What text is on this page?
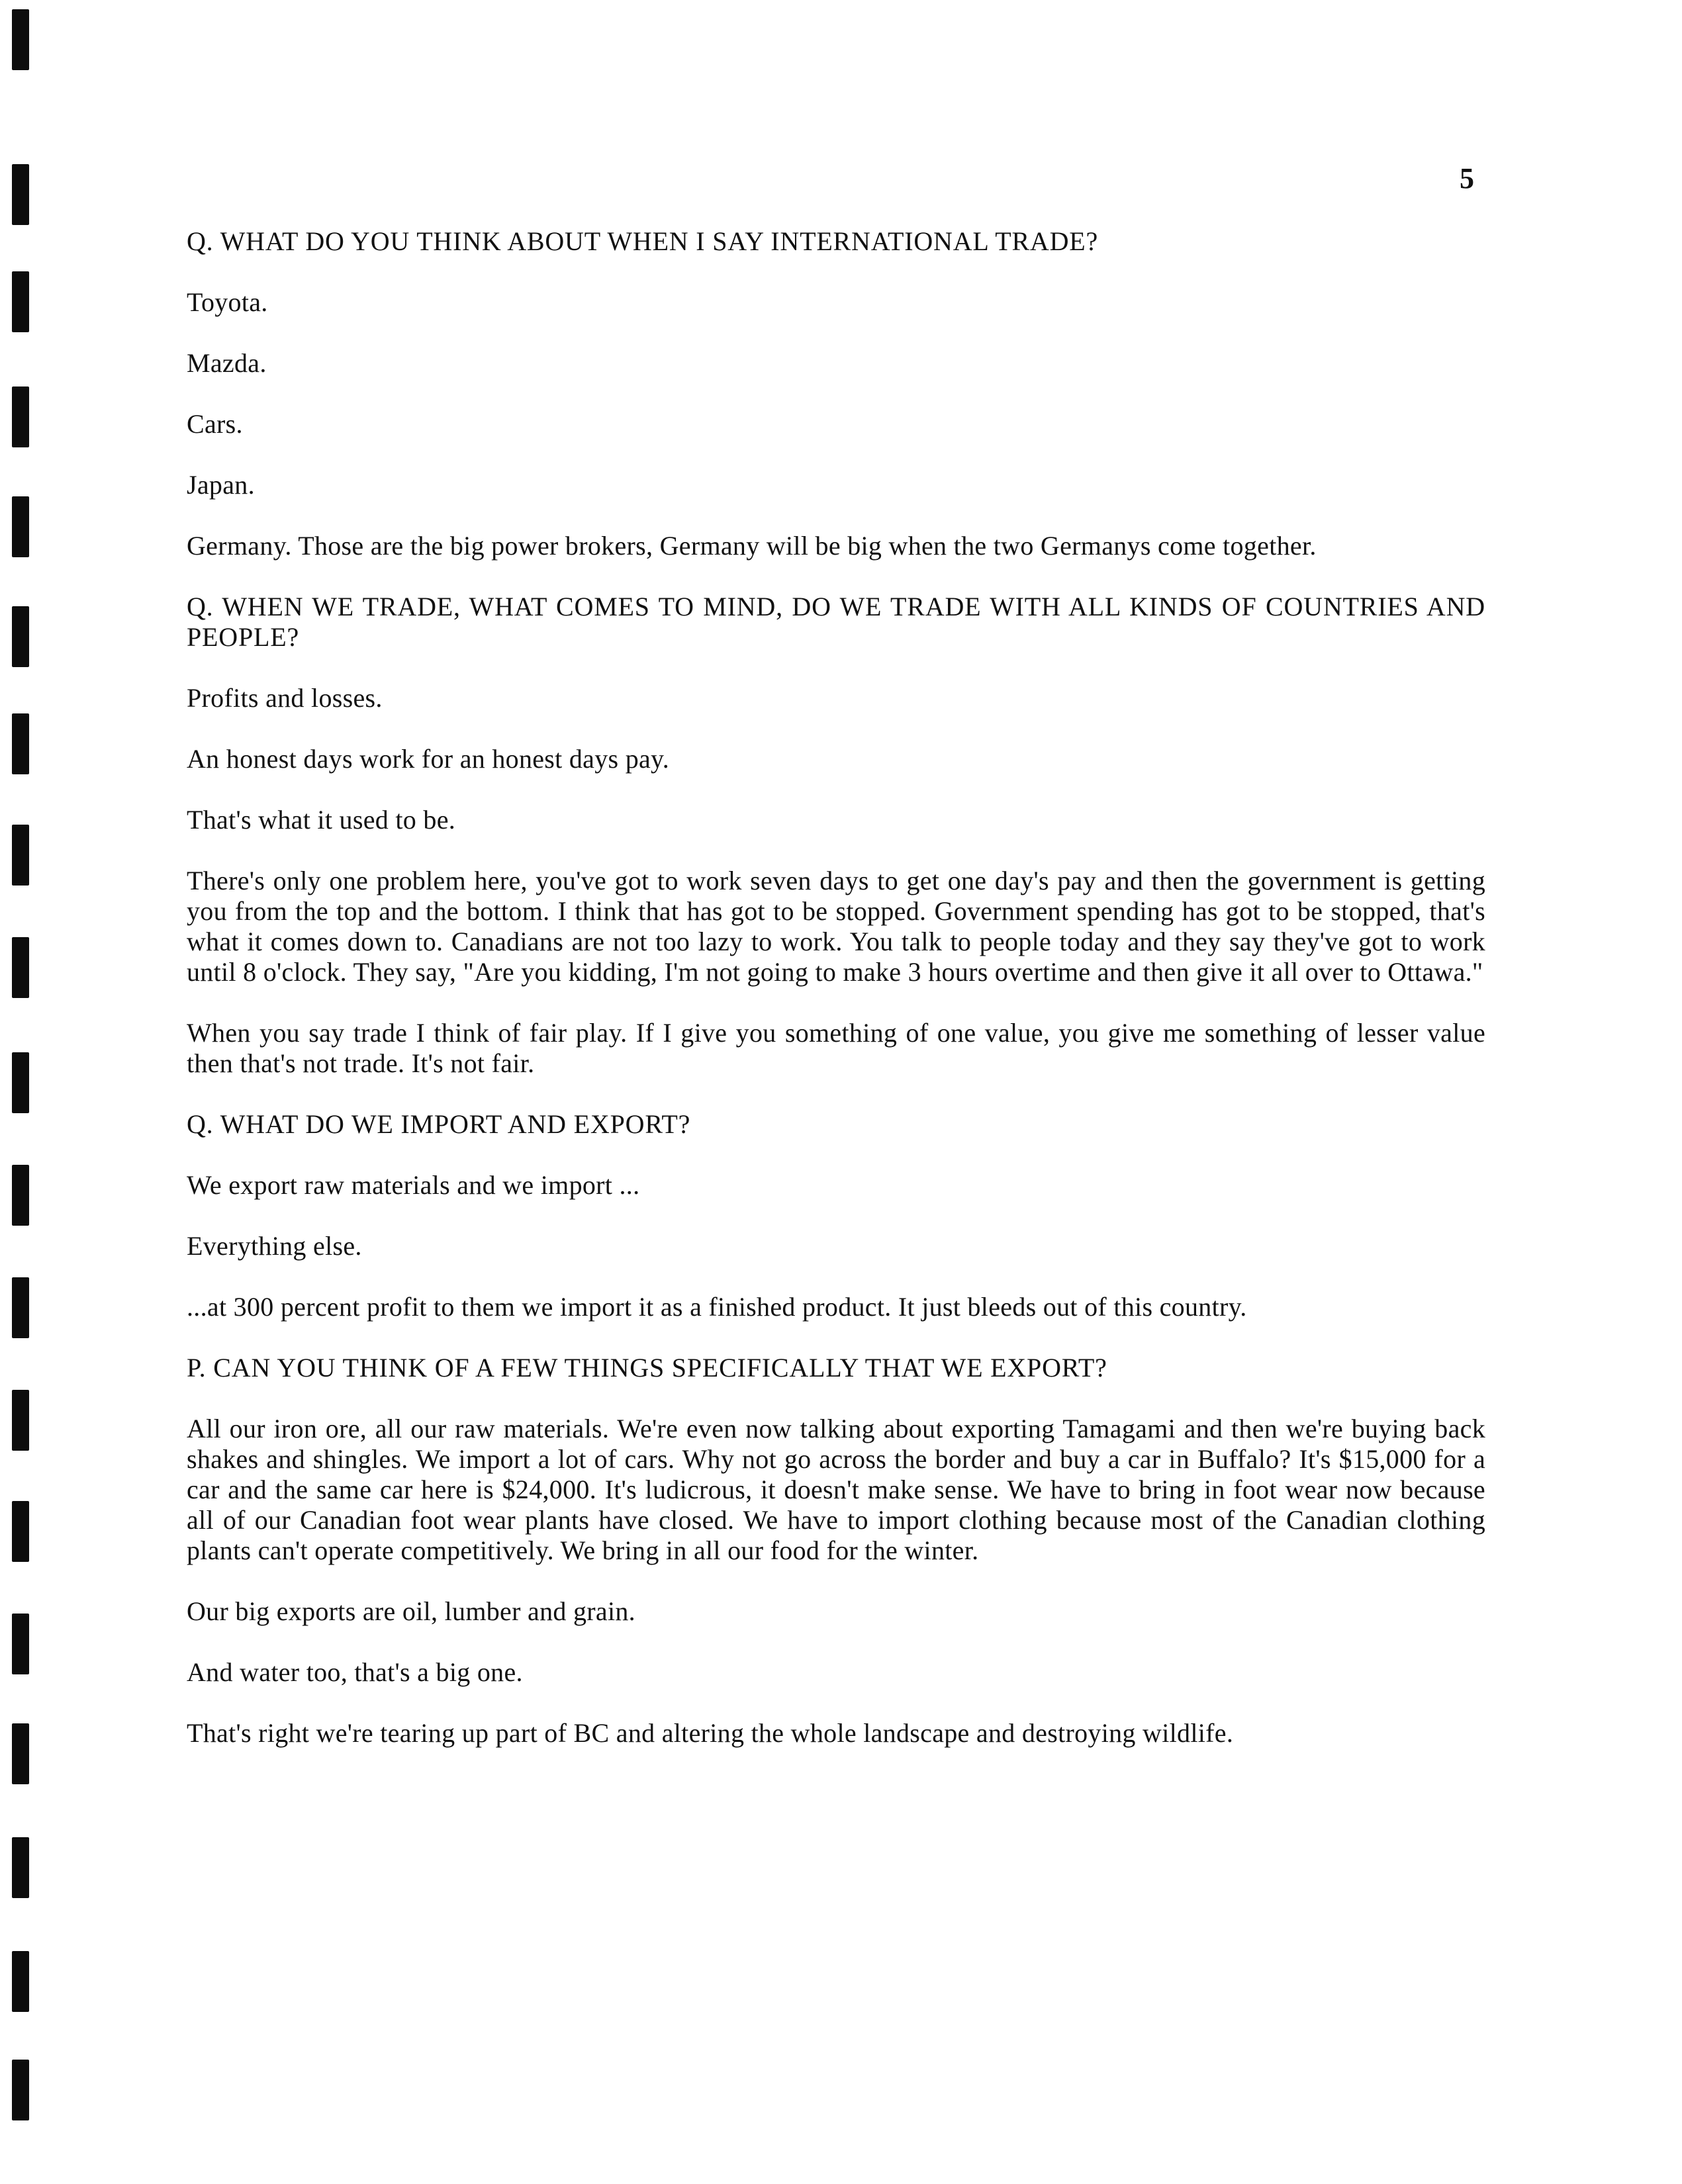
5

Q. WHAT DO YOU THINK ABOUT WHEN I SAY INTERNATIONAL TRADE?

Toyota.

Mazda.

Cars.

Japan.

Germany. Those are the big power brokers, Germany will be big when the two Germanys come together.

Q. WHEN WE TRADE, WHAT COMES TO MIND, DO WE TRADE WITH ALL KINDS OF COUNTRIES AND PEOPLE?

Profits and losses.

An honest days work for an honest days pay.

That's what it used to be.

There's only one problem here, you've got to work seven days to get one day's pay and then the government is getting you from the top and the bottom. I think that has got to be stopped. Government spending has got to be stopped, that's what it comes down to. Canadians are not too lazy to work. You talk to people today and they say they've got to work until 8 o'clock. They say, "Are you kidding, I'm not going to make 3 hours overtime and then give it all over to Ottawa."

When you say trade I think of fair play. If I give you something of one value, you give me something of lesser value then that's not trade. It's not fair.

Q. WHAT DO WE IMPORT AND EXPORT?

We export raw materials and we import ...

Everything else.

...at 300 percent profit to them we import it as a finished product. It just bleeds out of this country.

P. CAN YOU THINK OF A FEW THINGS SPECIFICALLY THAT WE EXPORT?

All our iron ore, all our raw materials. We're even now talking about exporting Tamagami and then we're buying back shakes and shingles. We import a lot of cars. Why not go across the border and buy a car in Buffalo? It's $15,000 for a car and the same car here is $24,000. It's ludicrous, it doesn't make sense. We have to bring in foot wear now because all of our Canadian foot wear plants have closed. We have to import clothing because most of the Canadian clothing plants can't operate competitively. We bring in all our food for the winter.

Our big exports are oil, lumber and grain.

And water too, that's a big one.

That's right we're tearing up part of BC and altering the whole landscape and destroying wildlife.
